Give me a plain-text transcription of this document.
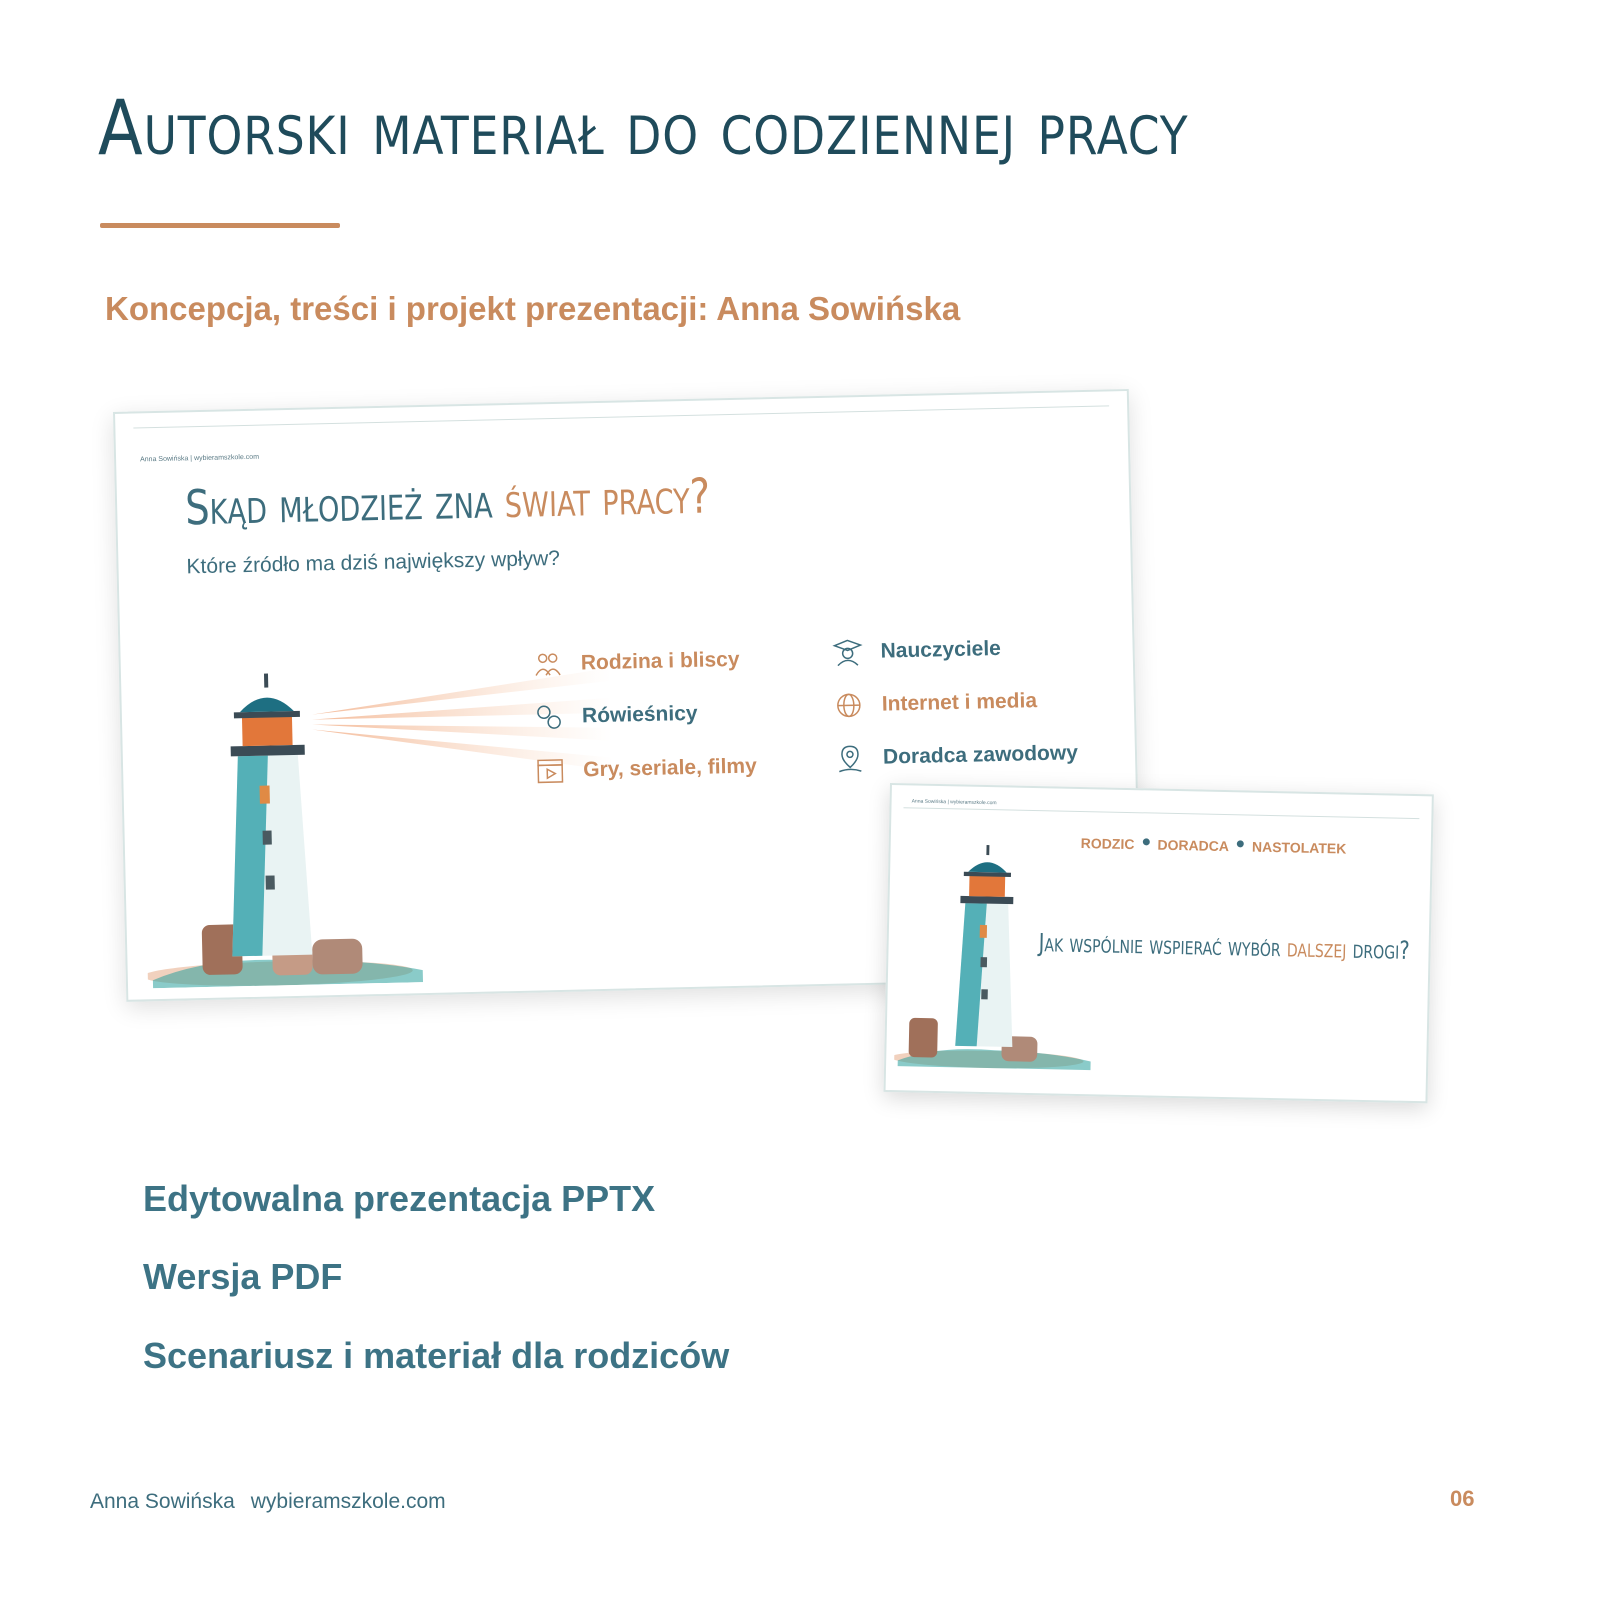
Autorski materiał do codziennej pracy
Koncepcja, treści i projekt prezentacji: Anna Sowińska
Anna Sowińska | wybieramszkole.com
Skąd młodzież zna świat pracy?
Które źródło ma dziś największy wpływ?
Rodzina i bliscy
Rówieśnicy
Gry, seriale, filmy
Nauczyciele
Internet i media
Doradca zawodowy
Anna Sowińska | wybieramszkole.com
RODZIC DORADCA NASTOLATEK
Jak wspólnie wspierać wybór dalszej drogi?
Edytowalna prezentacja PPTX
Wersja PDF
Scenariusz i materiał dla rodziców
Anna Sowińska wybieramszkole.com	06
